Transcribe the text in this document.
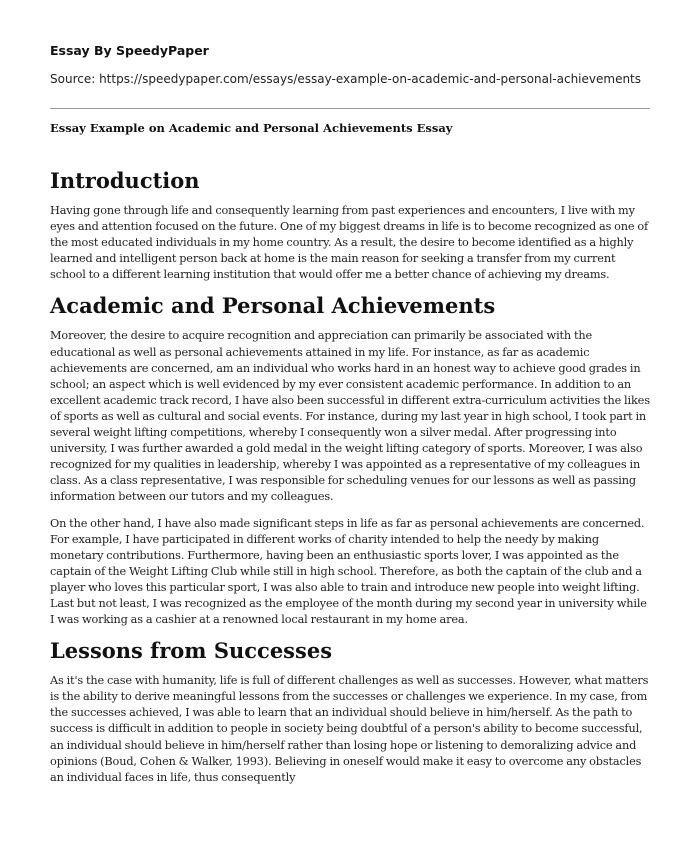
Essay By SpeedyPaper
Source: https://speedypaper.com/essays/essay-example-on-academic-and-personal-achievements
Essay Example on Academic and Personal Achievements Essay
Introduction

Having gone through life and consequently learning from past experiences and encounters, I live with my eyes and attention focused on the future. One of my biggest dreams in life is to become recognized as one of the most educated individuals in my home country. As a result, the desire to become identified as a highly learned and intelligent person back at home is the main reason for seeking a transfer from my current school to a different learning institution that would offer me a better chance of achieving my dreams.

Academic and Personal Achievements

Moreover, the desire to acquire recognition and appreciation can primarily be associated with the educational as well as personal achievements attained in my life. For instance, as far as academic achievements are concerned, am an individual who works hard in an honest way to achieve good grades in school; an aspect which is well evidenced by my ever consistent academic performance. In addition to an excellent academic track record, I have also been successful in different extra-curriculum activities the likes of sports as well as cultural and social events. For instance, during my last year in high school, I took part in several weight lifting competitions, whereby I consequently won a silver medal. After progressing into university, I was further awarded a gold medal in the weight lifting category of sports. Moreover, I was also recognized for my qualities in leadership, whereby I was appointed as a representative of my colleagues in class. As a class representative, I was responsible for scheduling venues for our lessons as well as passing information between our tutors and my colleagues.

On the other hand, I have also made significant steps in life as far as personal achievements are concerned. For example, I have participated in different works of charity intended to help the needy by making monetary contributions. Furthermore, having been an enthusiastic sports lover, I was appointed as the captain of the Weight Lifting Club while still in high school. Therefore, as both the captain of the club and a player who loves this particular sport, I was also able to train and introduce new people into weight lifting. Last but not least, I was recognized as the employee of the month during my second year in university while I was working as a cashier at a renowned local restaurant in my home area.

Lessons from Successes

As it's the case with humanity, life is full of different challenges as well as successes. However, what matters is the ability to derive meaningful lessons from the successes or challenges we experience. In my case, from the successes achieved, I was able to learn that an individual should believe in him/herself. As the path to success is difficult in addition to people in society being doubtful of a person's ability to become successful, an individual should believe in him/herself rather than losing hope or listening to demoralizing advice and opinions (Boud, Cohen & Walker, 1993). Believing in oneself would make it easy to overcome any obstacles an individual faces in life, thus consequently
